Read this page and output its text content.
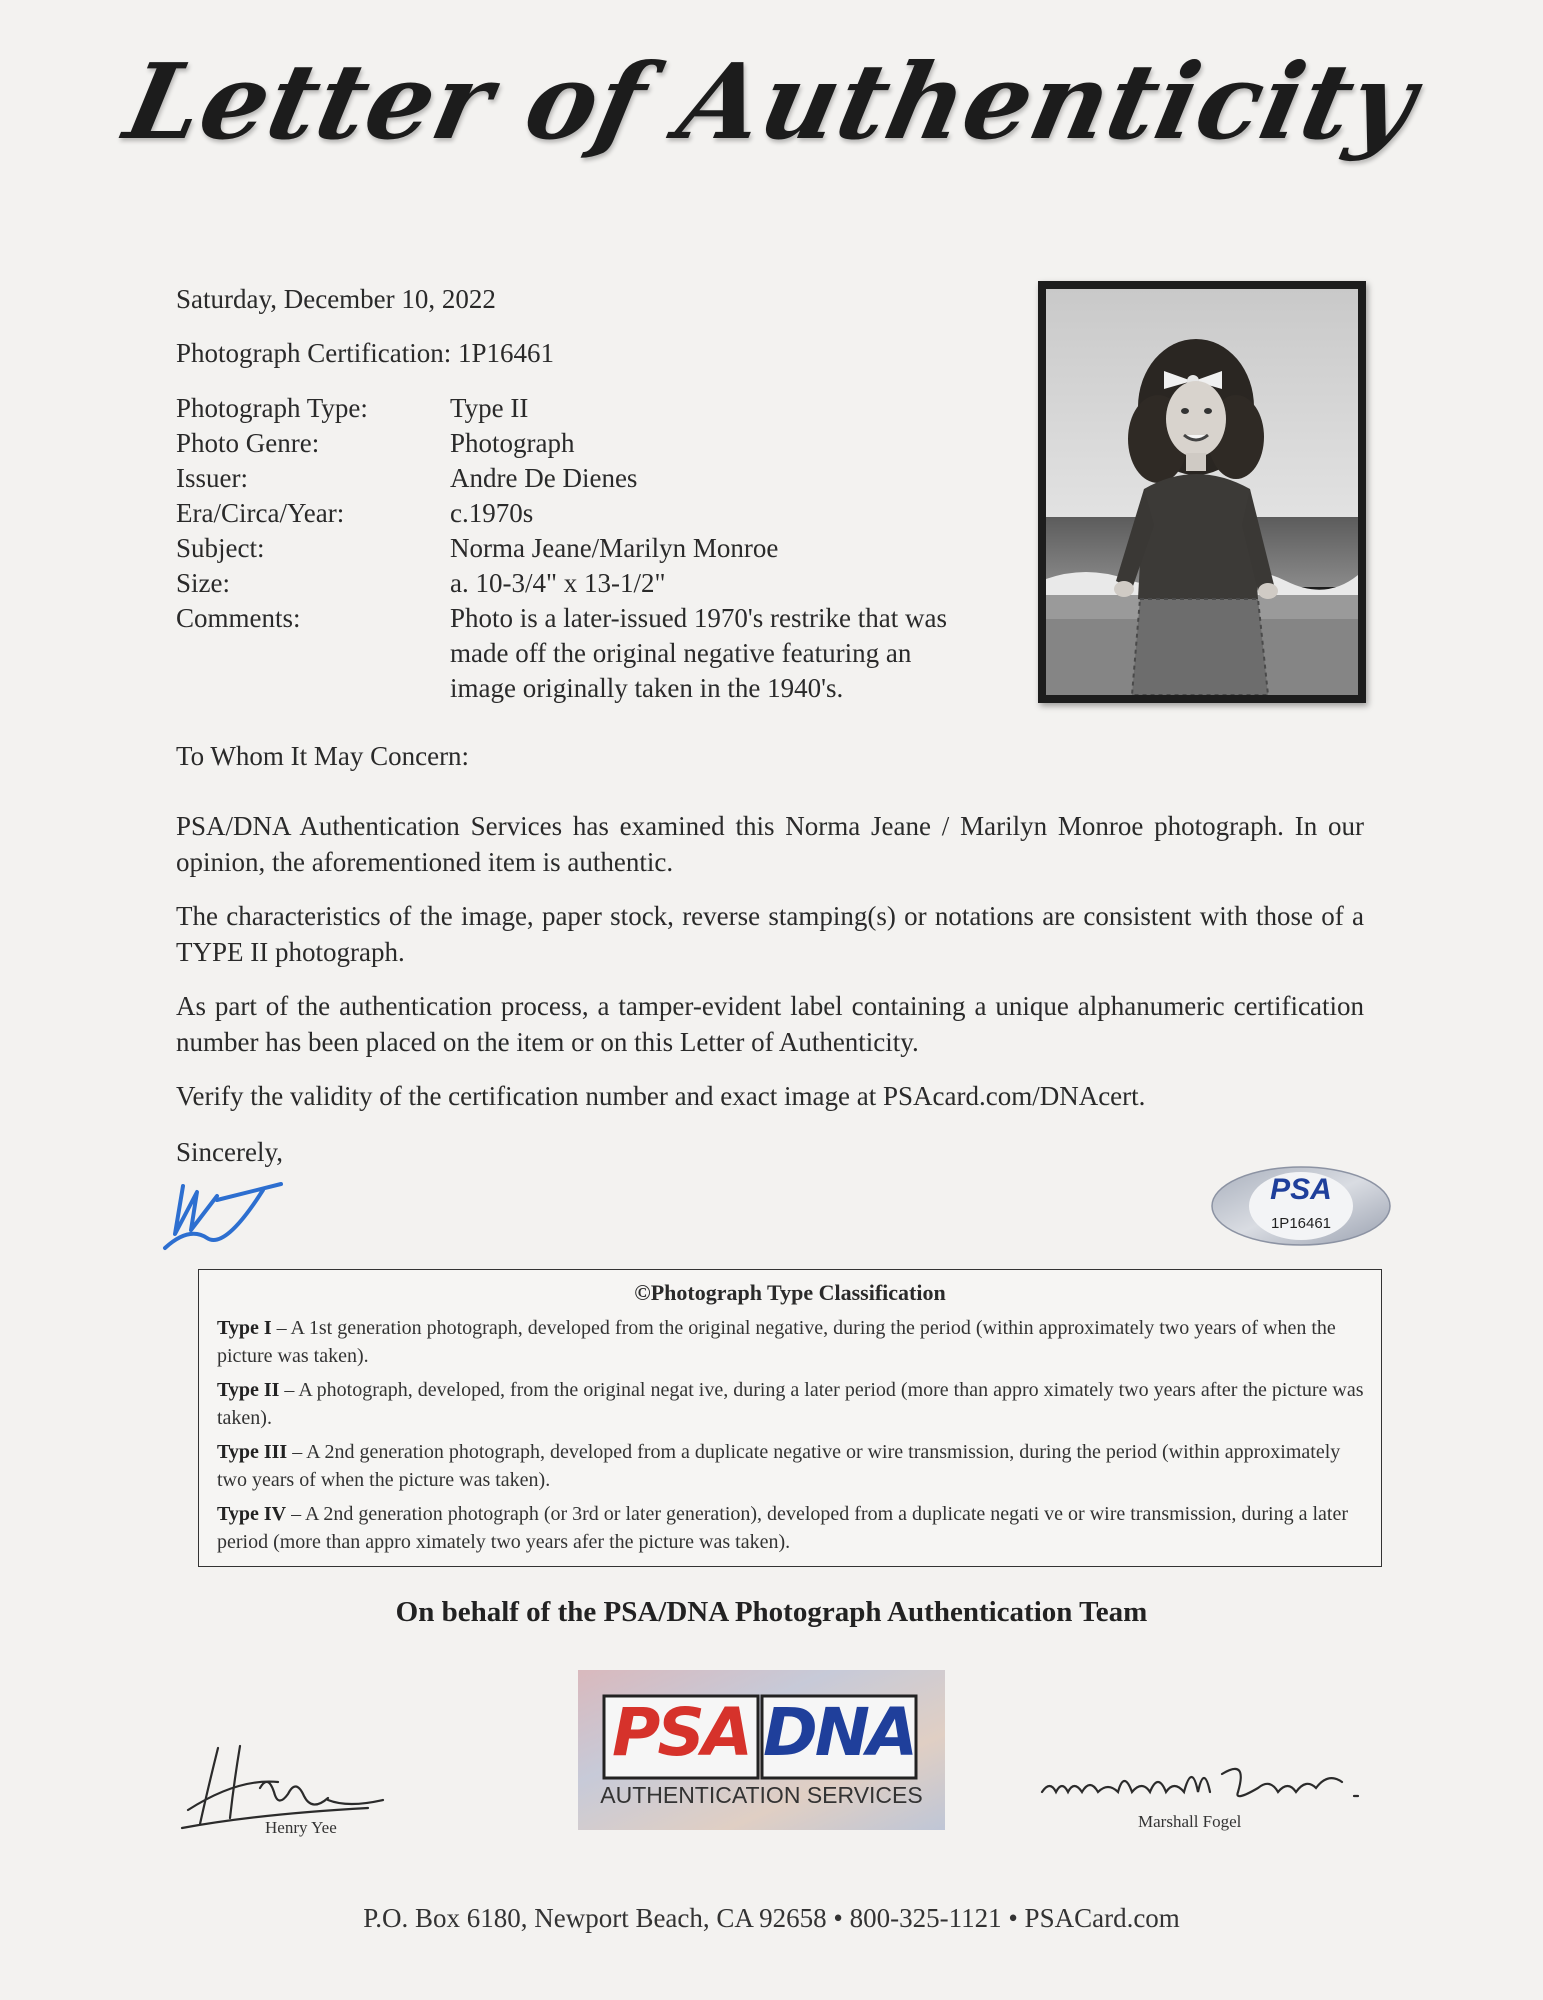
Letter of Authenticity
Saturday, December 10, 2022
Photograph Certification: 1P16461
Photograph Type:	Type II
Photo Genre:	Photograph
Issuer:	Andre De Dienes
Era/Circa/Year:	c.1970s
Subject:	Norma Jeane/Marilyn Monroe
Size:	a. 10-3/4" x 13-1/2"
Comments:	Photo is a later-issued 1970's restrike that was
made off the original negative featuring an
image originally taken in the 1940's.
To Whom It May Concern:
PSA/DNA Authentication Services has examined this Norma Jeane / Marilyn Monroe photograph. In our opinion, the aforementioned item is authentic.
The characteristics of the image, paper stock, reverse stamping(s) or notations are consistent with those of a TYPE II photograph.
As part of the authentication process, a tamper-evident label containing a unique alphanumeric certification number has been placed on the item or on this Letter of Authenticity.
Verify the validity of the certification number and exact image at PSAcard.com/DNAcert.
Sincerely,
PSA
1P16461
©Photograph Type Classification
Type I – A 1st generation photograph, developed from the original negative, during the period (within approximately two years of when the picture was taken).
Type II – A photograph, developed, from the original negat ive, during a later period (more than appro ximately two years after the picture was taken).
Type III – A 2nd generation photograph, developed from a duplicate negative or wire transmission, during the period (within approximately two years of when the picture was taken).
Type IV – A 2nd generation photograph (or 3rd or later generation), developed from a duplicate negati ve or wire transmission, during a later period (more than appro ximately two years afer the picture was taken).
On behalf of the PSA/DNA Photograph Authentication Team
PSA DNA
AUTHENTICATION SERVICES
Henry Yee	Marshall Fogel
P.O. Box 6180, Newport Beach, CA 92658 • 800-325-1121 • PSACard.com
